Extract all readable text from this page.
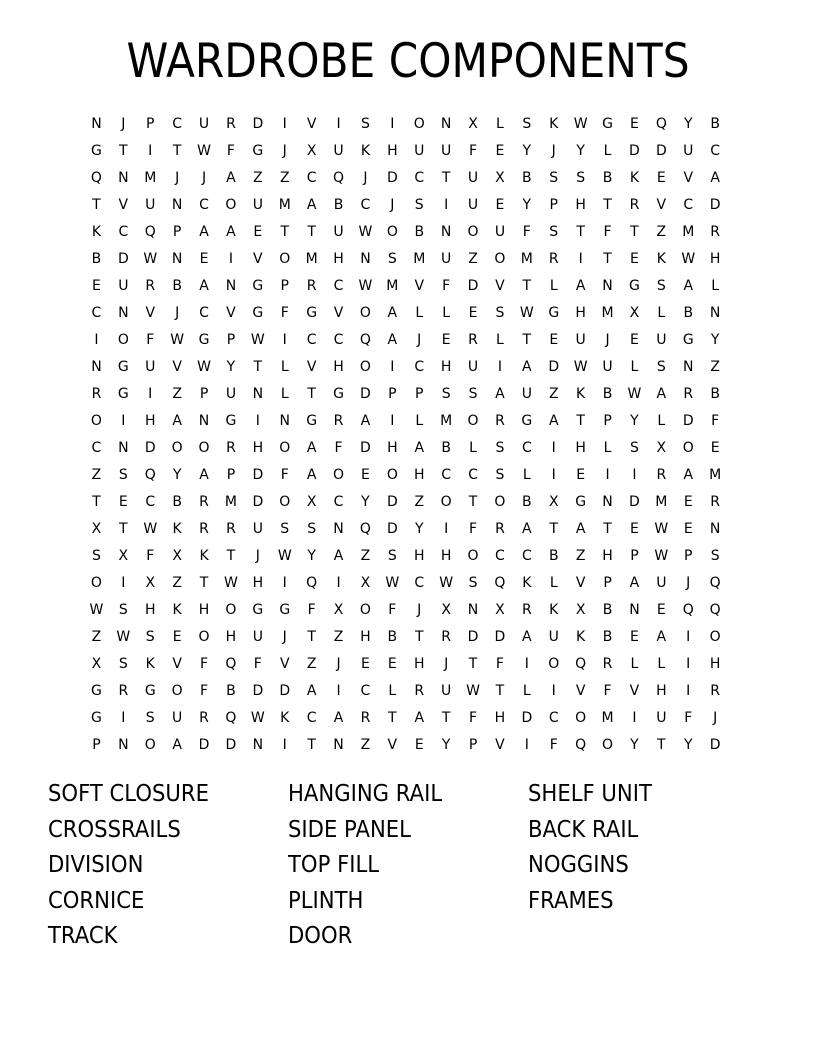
WARDROBE COMPONENTS
N	J	P	C	U	R	D	I	V	I	S	I	O	N	X	L	S	K	W	G	E	Q	Y	B
G	T	I	T	W	F	G	J	X	U	K	H	U	U	F	E	Y	J	Y	L	D	D	U	C
Q	N	M	J	J	A	Z	Z	C	Q	J	D	C	T	U	X	B	S	S	B	K	E	V	A
T	V	U	N	C	O	U	M	A	B	C	J	S	I	U	E	Y	P	H	T	R	V	C	D
K	C	Q	P	A	A	E	T	T	U	W	O	B	N	O	U	F	S	T	F	T	Z	M	R
B	D	W	N	E	I	V	O	M	H	N	S	M	U	Z	O	M	R	I	T	E	K	W	H
E	U	R	B	A	N	G	P	R	C	W M	V	F	D	V	T	L	A	N	G	S	A	L
C	N	V	J	C	V	G	F	G	V	O	A	L	L	E	S	W	G	H	M	X	L	B	N
I	O	F	W	G	P	W	I	C	C	Q	A	J	E	R	L	T	E	U	J	E	U	G	Y
N	G	U	V	W	Y	T	L	V	H	O	I	C	H	U	I	A	D	W	U	L	S	N	Z
R	G	I	Z	P	U	N	L	T	G	D	P	P	S	S	A	U	Z	K	B	W	A	R	B
O	I	H	A	N	G	I	N	G	R	A	I	L	M	O	R	G	A	T	P	Y	L	D	F
C	N	D	O	O	R	H	O	A	F	D	H	A	B	L	S	C	I	H	L	S	X	O	E
Z	S	Q	Y	A	P	D	F	A	O	E	O	H	C	C	S	L	I	E	I	I	R	A	M
T	E	C	B	R	M	D	O	X	C	Y	D	Z	O	T	O	B	X	G	N	D	M	E	R
X	T	W	K	R	R	U	S	S	N	Q	D	Y	I	F	R	A	T	A	T	E	W	E	N
S	X	F	X	K	T	J	W	Y	A	Z	S	H	H	O	C	C	B	Z	H	P	W	P	S
O	I	X	Z	T	W	H	I	Q	I	X	W	C	W	S	Q	K	L	V	P	A	U	J	Q
W	S	H	K	H	O	G	G	F	X	O	F	J	X	N	X	R	K	X	B	N	E	Q	Q
Z	W	S	E	O	H	U	J	T	Z	H	B	T	R	D	D	A	U	K	B	E	A	I	O
X	S	K	V	F	Q	F	V	Z	J	E	E	H	J	T	F	I	O	Q	R	L	L	I	H
G	R	G	O	F	B	D	D	A	I	C	L	R	U	W	T	L	I	V	F	V	H	I	R
G	I	S	U	R	Q	W	K	C	A	R	T	A	T	F	H	D	C	O	M	I	U	F	J
P	N	O	A	D	D	N	I	T	N	Z	V	E	Y	P	V	I	F	Q	O	Y	T	Y	D
SOFT CLOSURE	HANGING RAIL	SHELF UNIT
CROSSRAILS	SIDE PANEL	BACK RAIL
DIVISION	TOP FILL	NOGGINS
CORNICE	PLINTH	FRAMES
TRACK	DOOR
